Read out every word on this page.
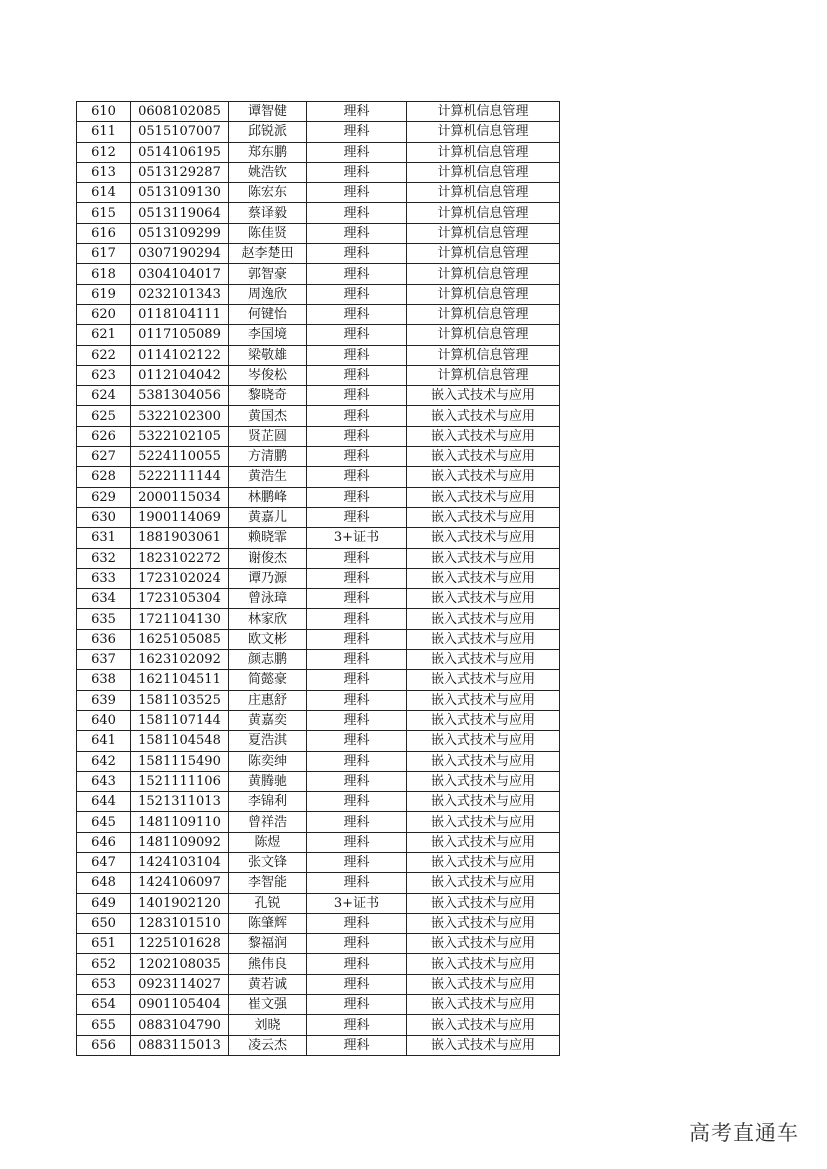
610	0608102085	谭智健	理科	计算机信息管理
611	0515107007	邱锐派	理科	计算机信息管理
612	0514106195	郑东鹏	理科	计算机信息管理
613	0513129287	姚浩钦	理科	计算机信息管理
614	0513109130	陈宏东	理科	计算机信息管理
615	0513119064	蔡译毅	理科	计算机信息管理
616	0513109299	陈佳贤	理科	计算机信息管理
617	0307190294	赵李楚田	理科	计算机信息管理
618	0304104017	郭智豪	理科	计算机信息管理
619	0232101343	周逸欣	理科	计算机信息管理
620	0118104111	何键怡	理科	计算机信息管理
621	0117105089	李国境	理科	计算机信息管理
622	0114102122	梁敬雄	理科	计算机信息管理
623	0112104042	岑俊松	理科	计算机信息管理
624	5381304056	黎晓奇	理科	嵌入式技术与应用
625	5322102300	黄国杰	理科	嵌入式技术与应用
626	5322102105	贤芷圆	理科	嵌入式技术与应用
627	5224110055	方清鹏	理科	嵌入式技术与应用
628	5222111144	黄浩生	理科	嵌入式技术与应用
629	2000115034	林鹏峰	理科	嵌入式技术与应用
630	1900114069	黄嘉儿	理科	嵌入式技术与应用
631	1881903061	赖晓霏	3+证书	嵌入式技术与应用
632	1823102272	谢俊杰	理科	嵌入式技术与应用
633	1723102024	谭乃源	理科	嵌入式技术与应用
634	1723105304	曾泳璋	理科	嵌入式技术与应用
635	1721104130	林家欣	理科	嵌入式技术与应用
636	1625105085	欧文彬	理科	嵌入式技术与应用
637	1623102092	颜志鹏	理科	嵌入式技术与应用
638	1621104511	简懿豪	理科	嵌入式技术与应用
639	1581103525	庄惠舒	理科	嵌入式技术与应用
640	1581107144	黄嘉奕	理科	嵌入式技术与应用
641	1581104548	夏浩淇	理科	嵌入式技术与应用
642	1581115490	陈奕绅	理科	嵌入式技术与应用
643	1521111106	黄腾驰	理科	嵌入式技术与应用
644	1521311013	李锦利	理科	嵌入式技术与应用
645	1481109110	曾祥浩	理科	嵌入式技术与应用
646	1481109092	陈煜	理科	嵌入式技术与应用
647	1424103104	张文锋	理科	嵌入式技术与应用
648	1424106097	李智能	理科	嵌入式技术与应用
649	1401902120	孔锐	3+证书	嵌入式技术与应用
650	1283101510	陈肇辉	理科	嵌入式技术与应用
651	1225101628	黎福润	理科	嵌入式技术与应用
652	1202108035	熊伟良	理科	嵌入式技术与应用
653	0923114027	黄若诚	理科	嵌入式技术与应用
654	0901105404	崔文强	理科	嵌入式技术与应用
655	0883104790	刘晓	理科	嵌入式技术与应用
656	0883115013	凌云杰	理科	嵌入式技术与应用
高考直通车
